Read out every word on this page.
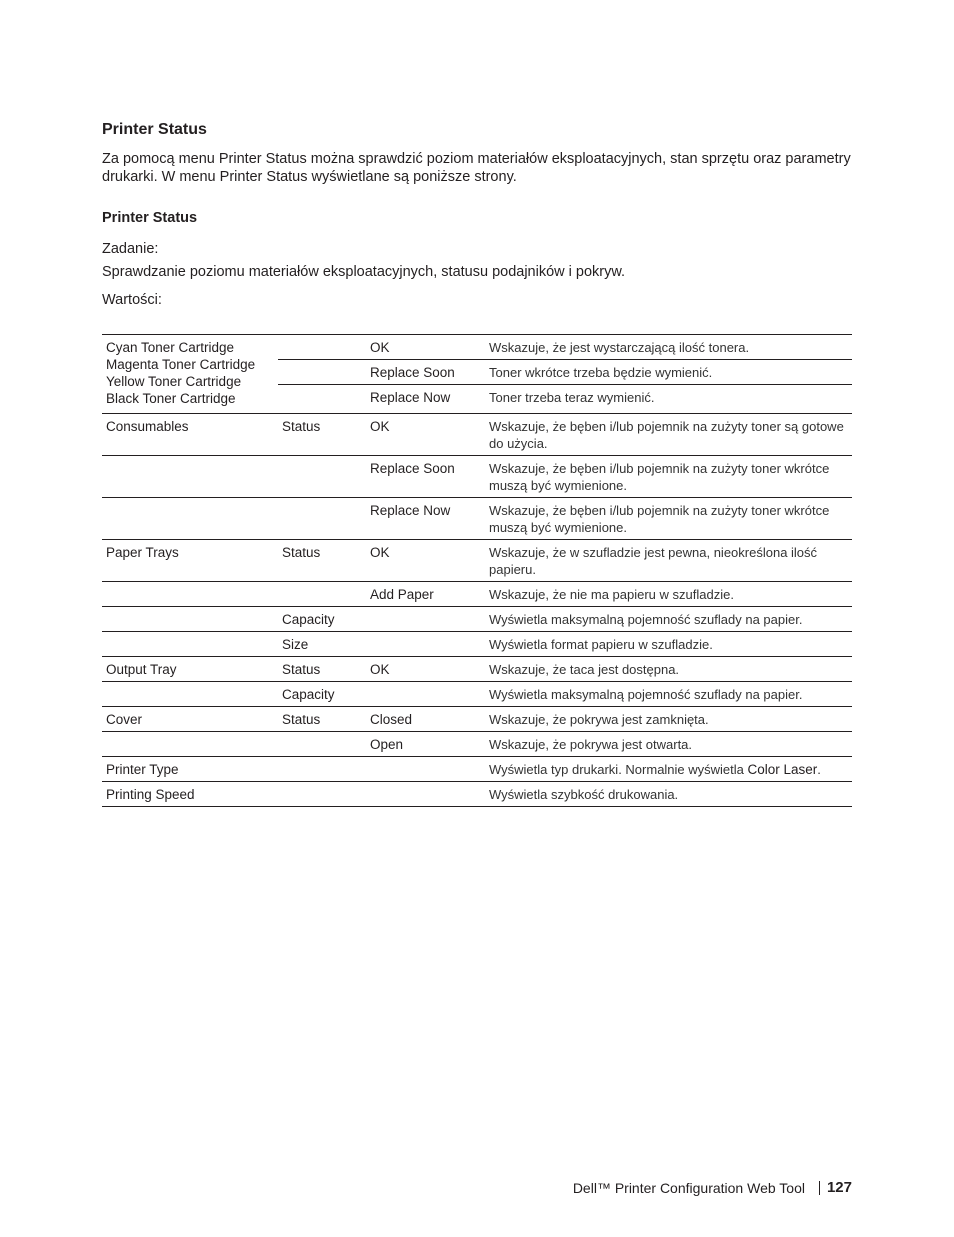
Printer Status
Za pomocą menu Printer Status można sprawdzić poziom materiałów eksploatacyjnych, stan sprzętu oraz parametry drukarki. W menu Printer Status wyświetlane są poniższe strony.
Printer Status
Zadanie:
Sprawdzanie poziomu materiałów eksploatacyjnych, statusu podajników i pokryw.
Wartości:
Cyan Toner Cartridge
Magenta Toner Cartridge
Yellow Toner Cartridge
Black Toner Cartridge		OK	Wskazuje, że jest wystarczającą ilość tonera.
		Replace Soon	Toner wkrótce trzeba będzie wymienić.
		Replace Now	Toner trzeba teraz wymienić.
Consumables	Status	OK	Wskazuje, że bęben i/lub pojemnik na zużyty toner są gotowe do użycia.
		Replace Soon	Wskazuje, że bęben i/lub pojemnik na zużyty toner wkrótce muszą być wymienione.
		Replace Now	Wskazuje, że bęben i/lub pojemnik na zużyty toner wkrótce muszą być wymienione.
Paper Trays	Status	OK	Wskazuje, że w szufladzie jest pewna, nieokreślona ilość papieru.
		Add Paper	Wskazuje, że nie ma papieru w szufladzie.
	Capacity		Wyświetla maksymalną pojemność szuflady na papier.
	Size		Wyświetla format papieru w szufladzie.
Output Tray	Status	OK	Wskazuje, że taca jest dostępna.
	Capacity		Wyświetla maksymalną pojemność szuflady na papier.
Cover	Status	Closed	Wskazuje, że pokrywa jest zamknięta.
		Open	Wskazuje, że pokrywa jest otwarta.
Printer Type			Wyświetla typ drukarki. Normalnie wyświetla Color Laser.
Printing Speed			Wyświetla szybkość drukowania.
Dell™ Printer Configuration Web Tool 127
